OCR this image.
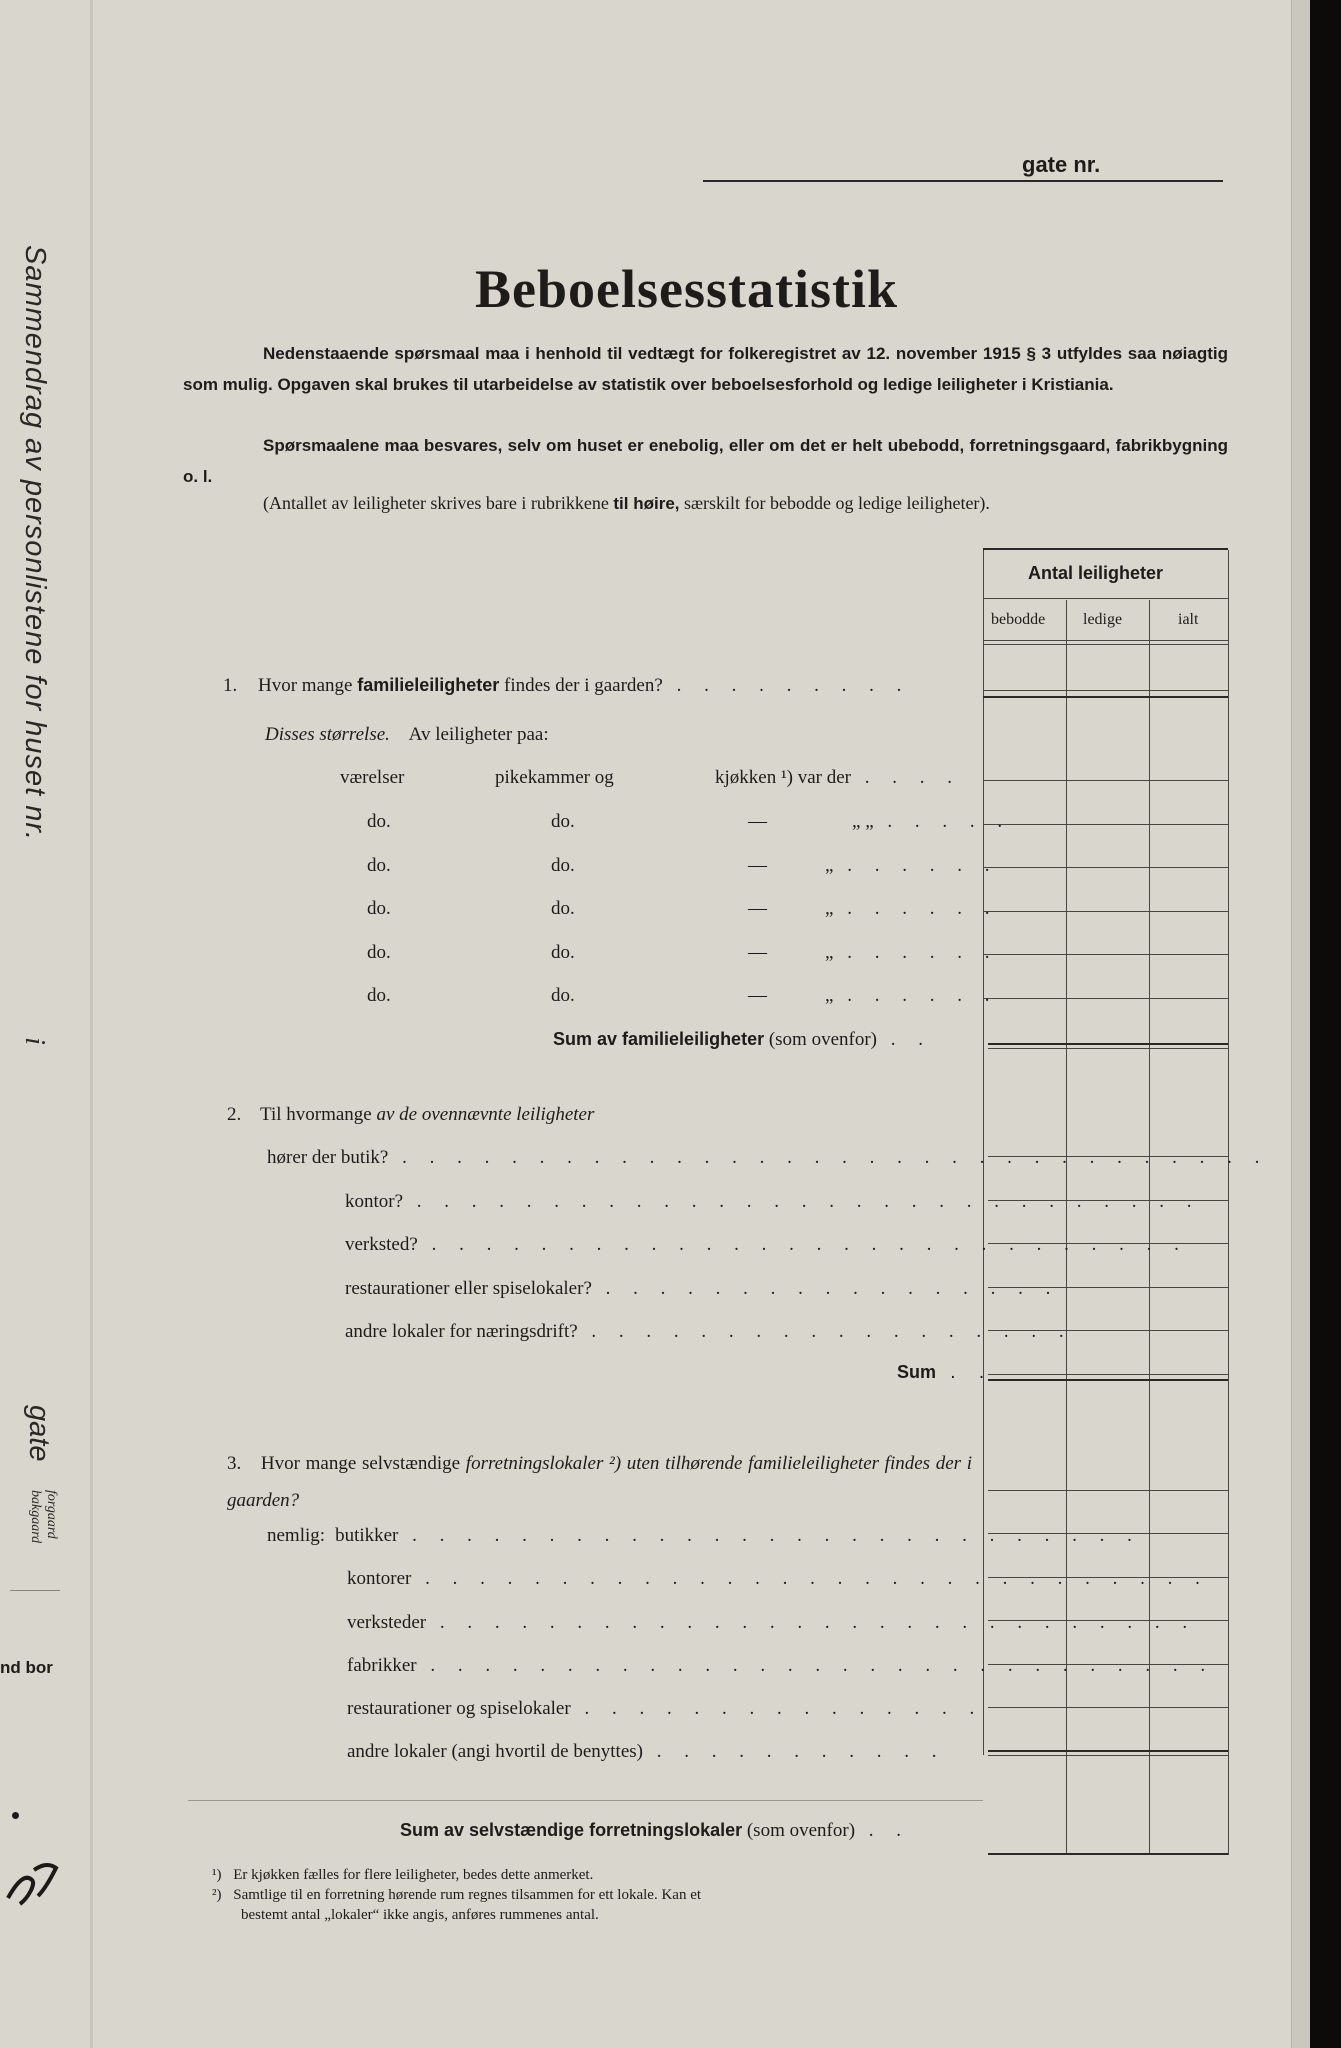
Sammendrag av personlistene for huset nr.
i
gate
forgaard
bakgaard
nd bor
gate nr.
Beboelsesstatistik
Nedenstaaende spørsmaal maa i henhold til vedtægt for folkeregistret av 12. november 1915 § 3 utfyldes saa nøiagtig som mulig. Opgaven skal brukes til utarbeidelse av statistik over beboelsesforhold og ledige leiligheter i Kristiania.
Spørsmaalene maa besvares, selv om huset er enebolig, eller om det er helt ubebodd, forretningsgaard, fabrikbygning o. l.
(Antallet av leiligheter skrives bare i rubrikkene til høire, særskilt for bebodde og ledige leiligheter).
Antal leiligheter
bebodde ledige	ialt
1. Hvor mange familieleiligheter findes der i gaarden? . . . . . . . . .
Disses størrelse. Av leiligheter paa:
værelser	pikekammer og	kjøkken ¹) var der . . . .
do.	do.	—	„ „ . . . . .
do.	do.	—	„ . . . . . .
do.	do.	—	„ . . . . . .
do.	do.	—	„ . . . . . .
do.	do.	—	„ . . . . . .
Sum av familieleiligheter (som ovenfor) . .
2. Til hvormange av de ovennævnte leiligheter
hører der butik? . . . . . . . . . . . . . . . . . . . . . . . . . . . . . . . .
kontor? . . . . . . . . . . . . . . . . . . . . . . . . . . . . .
verksted? . . . . . . . . . . . . . . . . . . . . . . . . . . . .
restaurationer eller spiselokaler? . . . . . . . . . . . . . . . . .
andre lokaler for næringsdrift? . . . . . . . . . . . . . . . . . .
Sum . .
3. Hvor mange selvstændige forretningslokaler ²) uten tilhørende familieleiligheter findes der i gaarden?
nemlig: butikker . . . . . . . . . . . . . . . . . . . . . . . . . . .
kontorer . . . . . . . . . . . . . . . . . . . . . . . . . . . . .
verksteder . . . . . . . . . . . . . . . . . . . . . . . . . . . .
fabrikker . . . . . . . . . . . . . . . . . . . . . . . . . . . . .
restaurationer og spiselokaler . . . . . . . . . . . . . . .
andre lokaler (angi hvortil de benyttes) . . . . . . . . . . .
Sum av selvstændige forretningslokaler (som ovenfor) . .
¹) Er kjøkken fælles for flere leiligheter, bedes dette anmerket.
²) Samtlige til en forretning hørende rum regnes tilsammen for ett lokale. Kan et
bestemt antal „lokaler“ ikke angis, anføres rummenes antal.
